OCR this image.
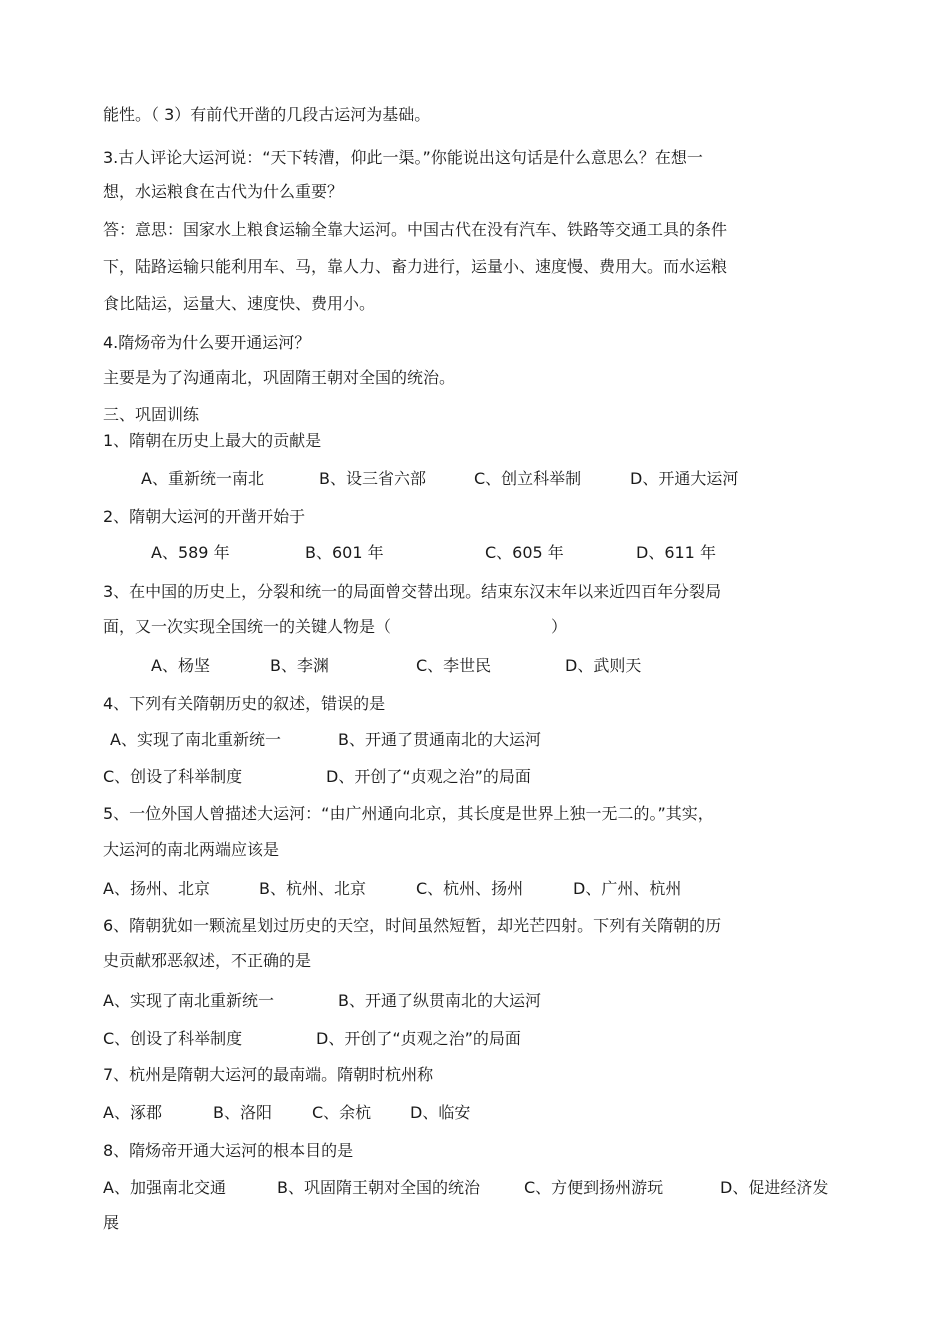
能性。（ 3）有前代开凿的几段古运河为基础。
3.古人评论大运河说：“天下转漕，仰此一渠。”你能说出这句话是什么意思么？在想一
想，水运粮食在古代为什么重要？
答：意思：国家水上粮食运输全靠大运河。中国古代在没有汽车、铁路等交通工具的条件
下，陆路运输只能利用车、马，靠人力、畜力进行，运量小、速度慢、费用大。而水运粮
食比陆运，运量大、速度快、费用小。
4.隋炀帝为什么要开通运河？
主要是为了沟通南北，巩固隋王朝对全国的统治。
三、巩固训练
1、隋朝在历史上最大的贡献是
A、重新统一南北	B、设三省六部	C、创立科举制	D、开通大运河
2、隋朝大运河的开凿开始于
A、589 年	B、601 年	C、605 年	D、611 年
3、在中国的历史上，分裂和统一的局面曾交替出现。结束东汉末年以来近四百年分裂局
面，又一次实现全国统一的关键人物是（	）
A、杨坚	B、李渊	C、李世民	D、武则天
4、下列有关隋朝历史的叙述，错误的是
A、实现了南北重新统一	B、开通了贯通南北的大运河
C、创设了科举制度	D、开创了“贞观之治”的局面
5、一位外国人曾描述大运河：“由广州通向北京，其长度是世界上独一无二的。”其实，
大运河的南北两端应该是
A、扬州、北京	B、杭州、北京	C、杭州、扬州	D、广州、杭州
6、隋朝犹如一颗流星划过历史的天空，时间虽然短暂，却光芒四射。下列有关隋朝的历
史贡献邪恶叙述，不正确的是
A、实现了南北重新统一	B、开通了纵贯南北的大运河
C、创设了科举制度	D、开创了“贞观之治”的局面
7、杭州是隋朝大运河的最南端。隋朝时杭州称
A、涿郡	B、洛阳	C、余杭 D、临安
8、隋炀帝开通大运河的根本目的是
A、加强南北交通	B、巩固隋王朝对全国的统治	C、方便到扬州游玩	D、促进经济发
展
